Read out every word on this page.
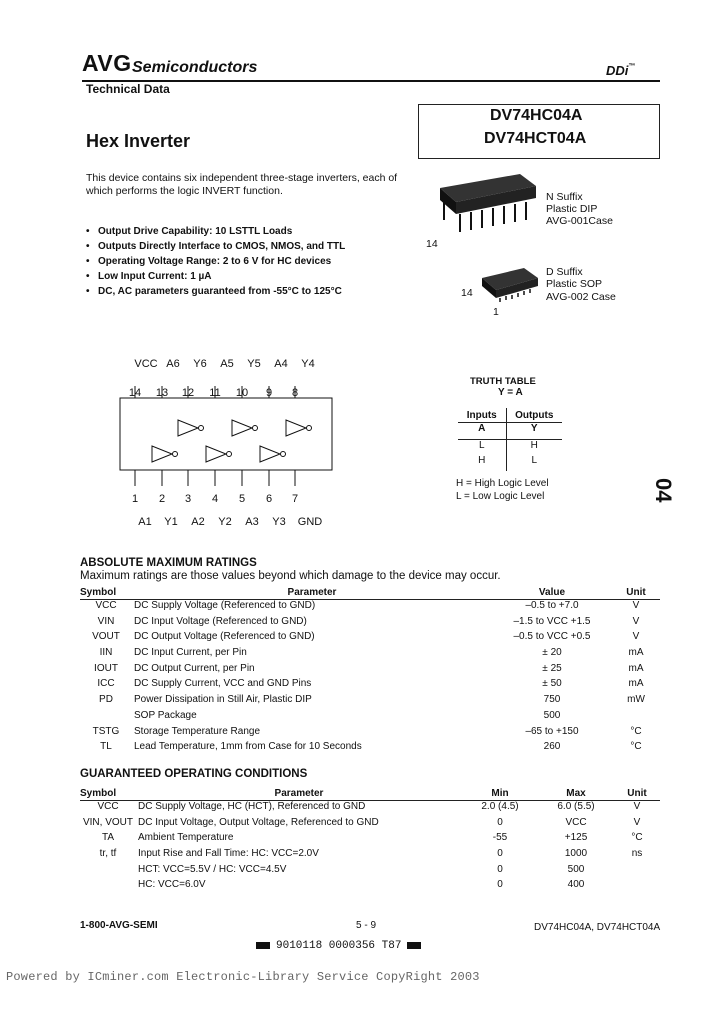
AVG Semiconductors	DDi™
Technical Data
DV74HC04A
DV74HCT04A
Hex Inverter
This device contains six independent three-stage inverters, each of which performs the logic INVERT function.
• Output Drive Capability: 10 LSTTL Loads
• Outputs Directly Interface to CMOS, NMOS, and TTL
• Operating Voltage Range: 2 to 6 V for HC devices
• Low Input Current: 1 µA
• DC, AC parameters guaranteed from -55°C to 125°C
14
N Suffix
Plastic DIP
AVG-001Case
14
1
D Suffix
Plastic SOP
AVG-002 Case
VCC A6 Y6 A5 Y5 A4 Y4
14 13 12 11 10 9 8
1 2 3 4 5 6 7
A1 Y1 A2 Y2 A3 Y3 GND
TRUTH TABLE
Y = A
Inputs	Outputs
A	Y
L	H
H	L
H = High Logic Level
L = Low Logic Level	04
ABSOLUTE MAXIMUM RATINGS
Maximum ratings are those values beyond which damage to the device may occur.
Symbol	Parameter	Value	Unit
VCC	DC Supply Voltage (Referenced to GND)	–0.5 to +7.0	V
VIN	DC Input Voltage (Referenced to GND)	–1.5 to VCC +1.5	V
VOUT	DC Output Voltage (Referenced to GND)	–0.5 to VCC +0.5	V
IIN	DC Input Current, per Pin	± 20	mA
IOUT	DC Output Current, per Pin	± 25	mA
ICC	DC Supply Current, VCC and GND Pins	± 50	mA
PD	Power Dissipation in Still Air, Plastic DIP	750	mW
	SOP Package	500	
TSTG	Storage Temperature Range	–65 to +150	°C
TL	Lead Temperature, 1mm from Case for 10 Seconds	260	°C
GUARANTEED OPERATING CONDITIONS
Symbol	Parameter	Min	Max	Unit
VCC	DC Supply Voltage, HC (HCT), Referenced to GND	2.0 (4.5)	6.0 (5.5)	V
VIN, VOUT	DC Input Voltage, Output Voltage, Referenced to GND	0	VCC	V
TA	Ambient Temperature	-55	+125	°C
tr, tf	Input Rise and Fall Time: HC: VCC=2.0V	0	1000	ns
	HCT: VCC=5.5V / HC: VCC=4.5V	0	500	
	HC: VCC=6.0V	0	400	
1-800-AVG-SEMI	5 - 9	DV74HC04A, DV74HCT04A
9010118 0000356 T87
Powered by ICminer.com Electronic-Library Service CopyRight 2003
